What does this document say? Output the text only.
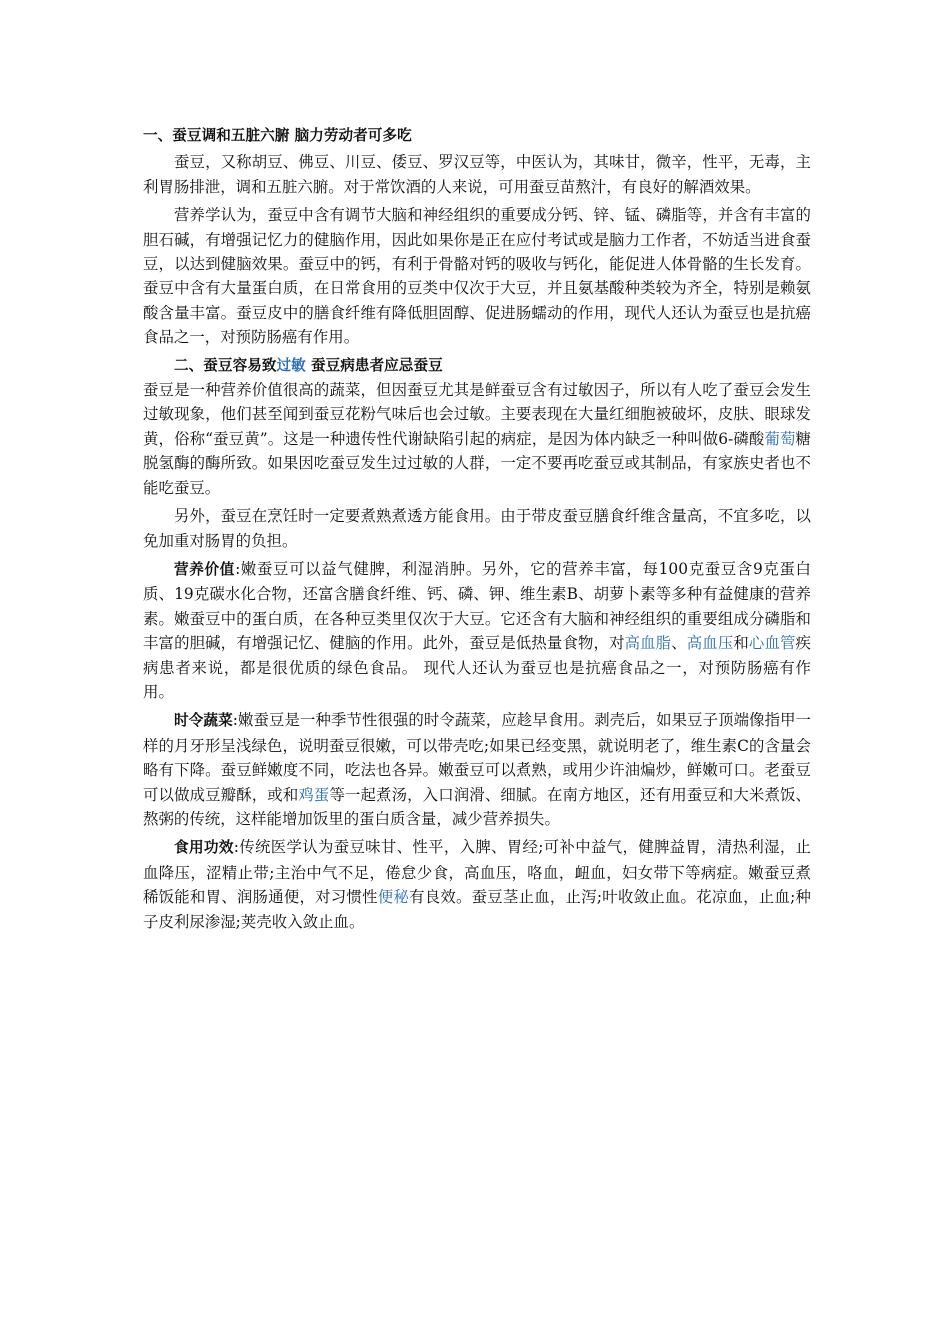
一、蚕豆调和五脏六腑 脑力劳动者可多吃

蚕豆，又称胡豆、佛豆、川豆、倭豆、罗汉豆等，中医认为，其味甘，微辛，性平，无毒，主利胃肠排泄，调和五脏六腑。对于常饮酒的人来说，可用蚕豆苗熬汁，有良好的解酒效果。

营养学认为，蚕豆中含有调节大脑和神经组织的重要成分钙、锌、锰、磷脂等，并含有丰富的胆石碱，有增强记忆力的健脑作用，因此如果你是正在应付考试或是脑力工作者，不妨适当进食蚕豆，以达到健脑效果。蚕豆中的钙，有利于骨骼对钙的吸收与钙化，能促进人体骨骼的生长发育。蚕豆中含有大量蛋白质，在日常食用的豆类中仅次于大豆，并且氨基酸种类较为齐全，特别是赖氨酸含量丰富。蚕豆皮中的膳食纤维有降低胆固醇、促进肠蠕动的作用，现代人还认为蚕豆也是抗癌食品之一，对预防肠癌有作用。

二、蚕豆容易致过敏 蚕豆病患者应忌蚕豆

蚕豆是一种营养价值很高的蔬菜，但因蚕豆尤其是鲜蚕豆含有过敏因子，所以有人吃了蚕豆会发生过敏现象，他们甚至闻到蚕豆花粉气味后也会过敏。主要表现在大量红细胞被破坏，皮肤、眼球发黄，俗称“蚕豆黄”。这是一种遗传性代谢缺陷引起的病症，是因为体内缺乏一种叫做6-磷酸葡萄糖脱氢酶的酶所致。如果因吃蚕豆发生过过敏的人群，一定不要再吃蚕豆或其制品，有家族史者也不能吃蚕豆。

另外，蚕豆在烹饪时一定要煮熟煮透方能食用。由于带皮蚕豆膳食纤维含量高，不宜多吃，以免加重对肠胃的负担。

营养价值:嫩蚕豆可以益气健脾，利湿消肿。另外，它的营养丰富，每100克蚕豆含9克蛋白质、19克碳水化合物，还富含膳食纤维、钙、磷、钾、维生素B、胡萝卜素等多种有益健康的营养素。嫩蚕豆中的蛋白质，在各种豆类里仅次于大豆。它还含有大脑和神经组织的重要组成分磷脂和丰富的胆碱，有增强记忆、健脑的作用。此外，蚕豆是低热量食物，对高血脂、高血压和心血管疾病患者来说，都是很优质的绿色食品。 现代人还认为蚕豆也是抗癌食品之一，对预防肠癌有作用。

时令蔬菜:嫩蚕豆是一种季节性很强的时令蔬菜，应趁早食用。剥壳后，如果豆子顶端像指甲一样的月牙形呈浅绿色，说明蚕豆很嫩，可以带壳吃;如果已经变黑，就说明老了，维生素C的含量会略有下降。蚕豆鲜嫩度不同，吃法也各异。嫩蚕豆可以煮熟，或用少许油煸炒，鲜嫩可口。老蚕豆可以做成豆瓣酥，或和鸡蛋等一起煮汤，入口润滑、细腻。在南方地区，还有用蚕豆和大米煮饭、熬粥的传统，这样能增加饭里的蛋白质含量，减少营养损失。

食用功效:传统医学认为蚕豆味甘、性平，入脾、胃经;可补中益气，健脾益胃，清热利湿，止血降压，涩精止带;主治中气不足，倦怠少食，高血压，咯血，衄血，妇女带下等病症。嫩蚕豆煮稀饭能和胃、润肠通便，对习惯性便秘有良效。蚕豆茎止血，止泻;叶收敛止血。花凉血，止血;种子皮利尿渗湿;荚壳收入敛止血。
